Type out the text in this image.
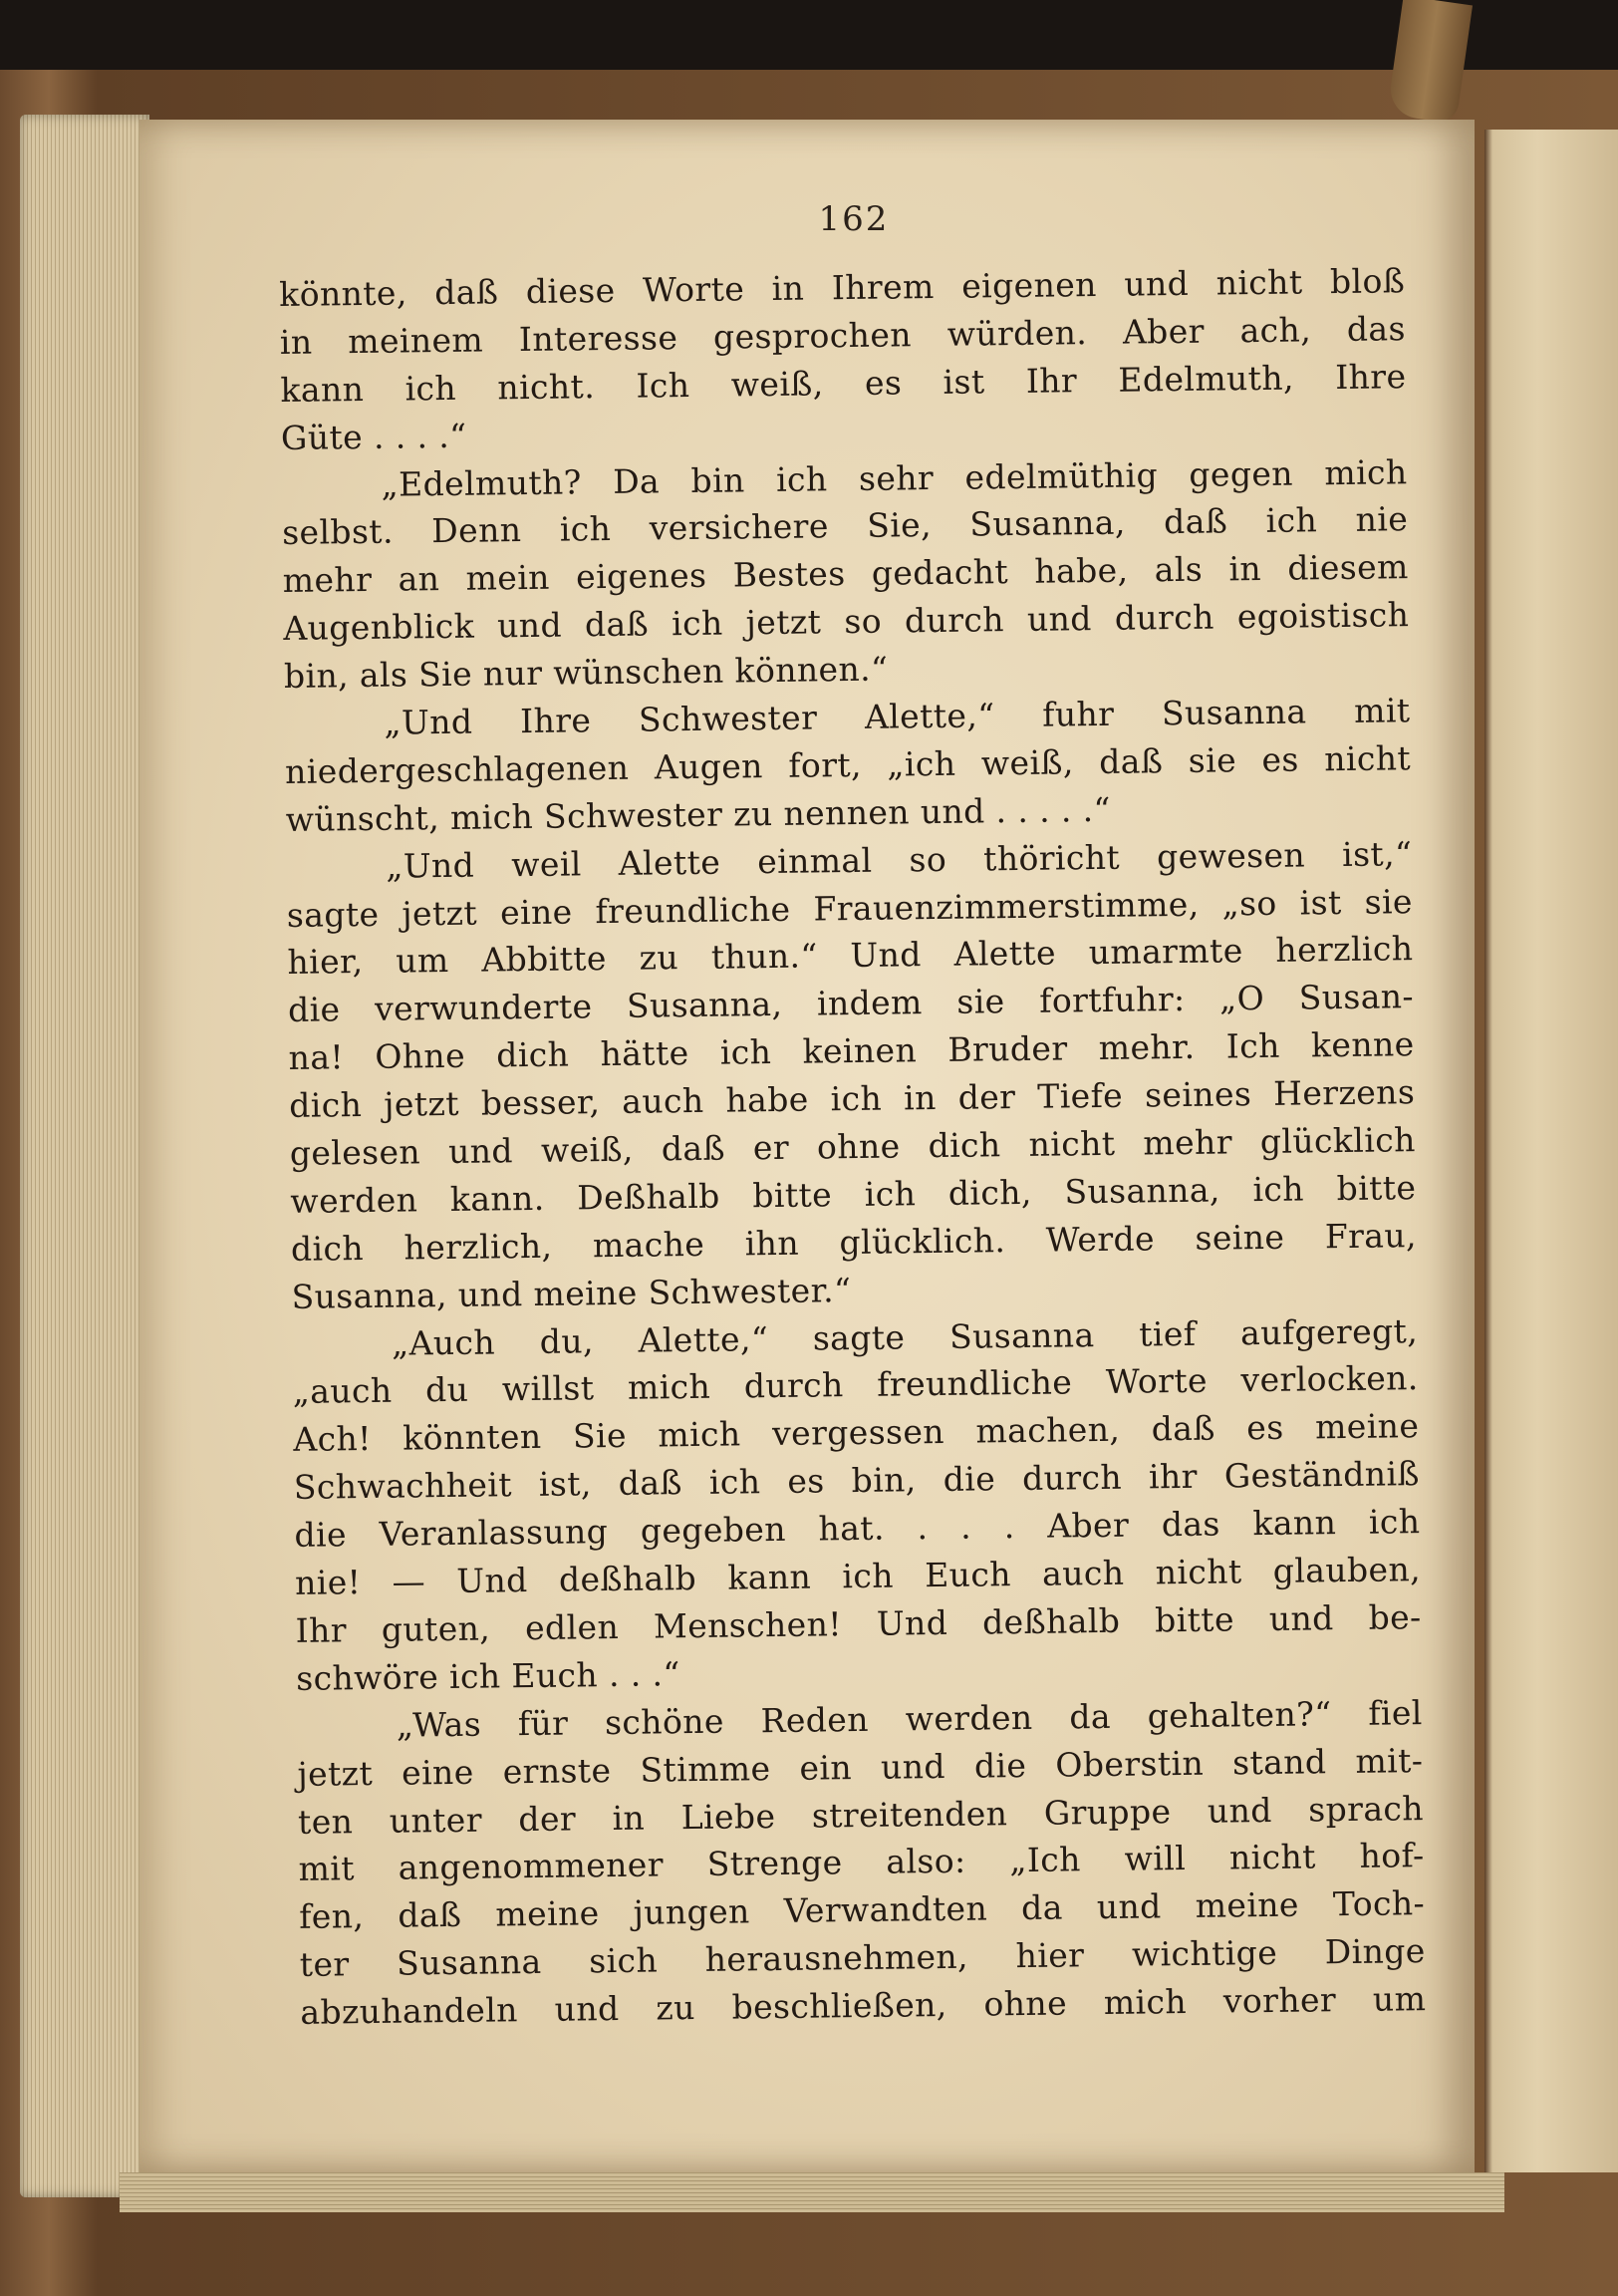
162
könnte, daß diese Worte in Ihrem eigenen und nicht bloß
in meinem Interesse gesprochen würden. Aber ach, das
kann ich nicht. Ich weiß, es ist Ihr Edelmuth, Ihre
Güte . . . .“
„Edelmuth? Da bin ich sehr edelmüthig gegen mich
selbst. Denn ich versichere Sie, Susanna, daß ich nie
mehr an mein eigenes Bestes gedacht habe, als in diesem
Augenblick und daß ich jetzt so durch und durch egoistisch
bin, als Sie nur wünschen können.“
„Und Ihre Schwester Alette,“ fuhr Susanna mit
niedergeschlagenen Augen fort, „ich weiß, daß sie es nicht
wünscht, mich Schwester zu nennen und . . . . .“
„Und weil Alette einmal so thöricht gewesen ist,“
sagte jetzt eine freundliche Frauenzimmerstimme, „so ist sie
hier, um Abbitte zu thun.“ Und Alette umarmte herzlich
die verwunderte Susanna, indem sie fortfuhr: „O Susan-
na! Ohne dich hätte ich keinen Bruder mehr. Ich kenne
dich jetzt besser, auch habe ich in der Tiefe seines Herzens
gelesen und weiß, daß er ohne dich nicht mehr glücklich
werden kann. Deßhalb bitte ich dich, Susanna, ich bitte
dich herzlich, mache ihn glücklich. Werde seine Frau,
Susanna, und meine Schwester.“
„Auch du, Alette,“ sagte Susanna tief aufgeregt,
„auch du willst mich durch freundliche Worte verlocken.
Ach! könnten Sie mich vergessen machen, daß es meine
Schwachheit ist, daß ich es bin, die durch ihr Geständniß
die Veranlassung gegeben hat. . . . Aber das kann ich
nie! — Und deßhalb kann ich Euch auch nicht glauben,
Ihr guten, edlen Menschen! Und deßhalb bitte und be-
schwöre ich Euch . . .“
„Was für schöne Reden werden da gehalten?“ fiel
jetzt eine ernste Stimme ein und die Oberstin stand mit-
ten unter der in Liebe streitenden Gruppe und sprach
mit angenommener Strenge also: „Ich will nicht hof-
fen, daß meine jungen Verwandten da und meine Toch-
ter Susanna sich herausnehmen, hier wichtige Dinge
abzuhandeln und zu beschließen, ohne mich vorher um
